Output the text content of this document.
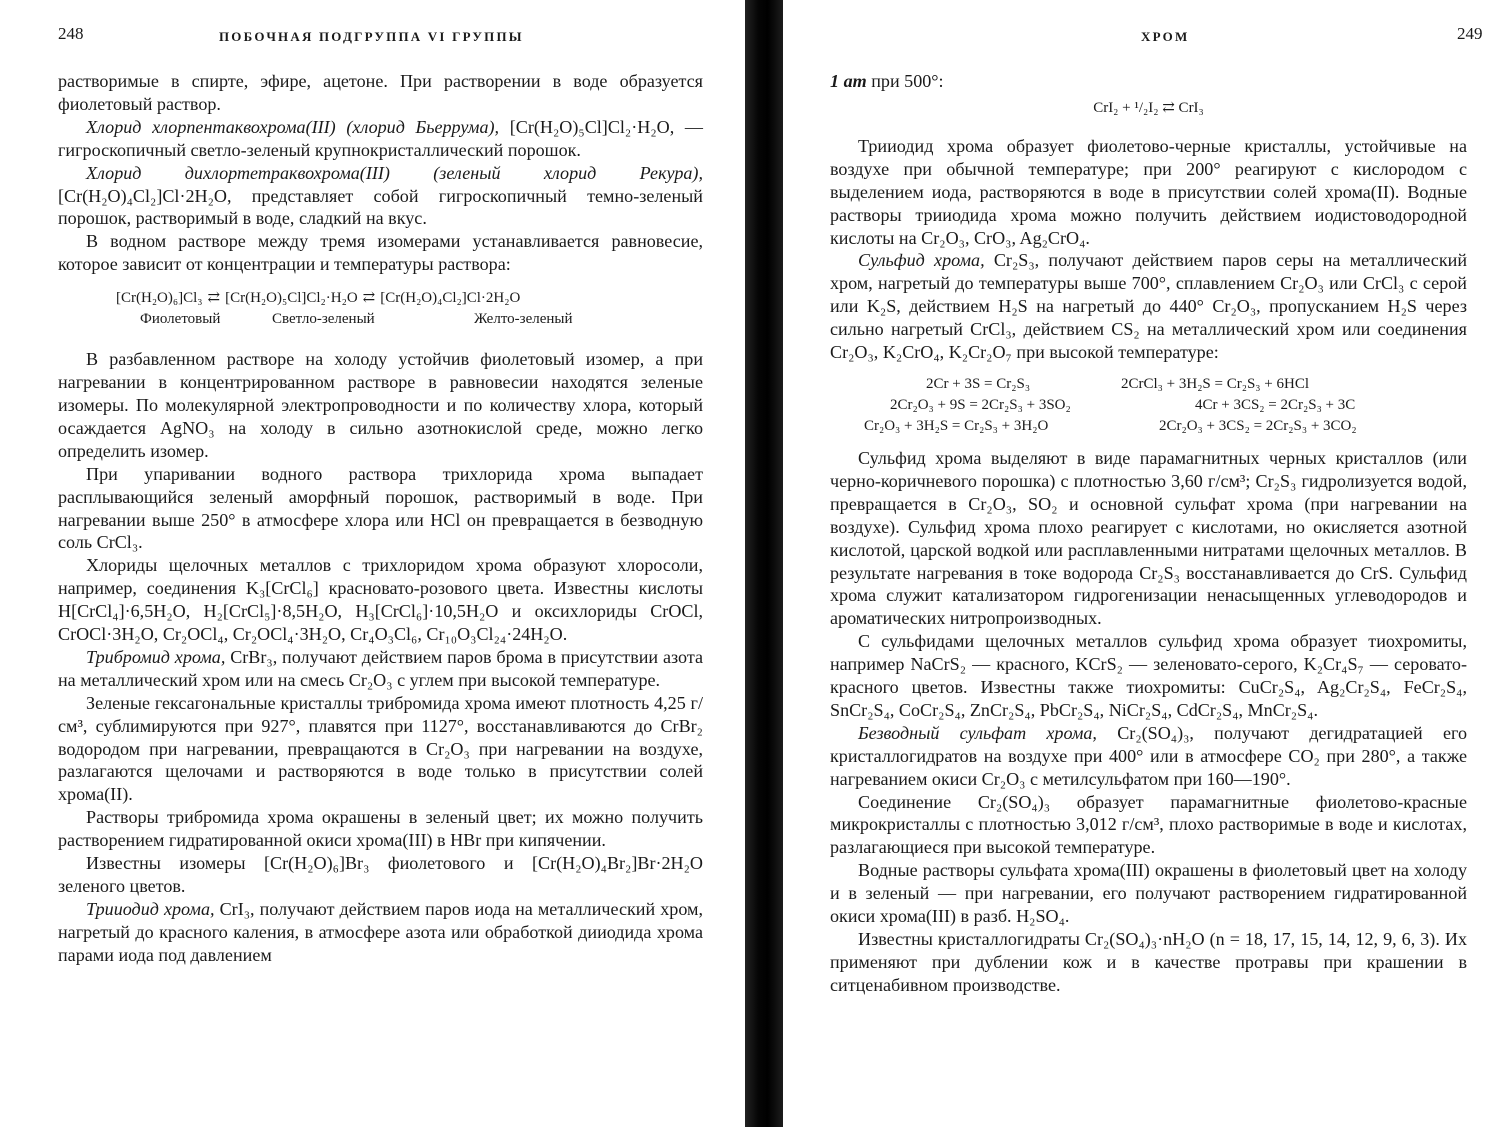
248	ПОБОЧНАЯ ПОДГРУППА VI ГРУППЫ

растворимые в спирте, эфире, ацетоне. При растворении в воде образуется фиолетовый раствор.

Хлорид хлорпентаквохрома(III) (хлорид Бьеррума), [Cr(H₂O)₅Cl]Cl₂·H₂O, — гигроскопичный светло-зеленый крупнокристаллический порошок.

Хлорид дихлортетраквохрома(III) (зеленый хлорид Рекура), [Cr(H₂O)₄Cl₂]Cl·2H₂O, представляет собой гигроскопичный темно-зеленый порошок, растворимый в воде, сладкий на вкус.

В водном растворе между тремя изомерами устанавливается равновесие, которое зависит от концентрации и температуры раствора:

[Cr(H₂O)₆]Cl₃ ⇄ [Cr(H₂O)₅Cl]Cl₂·H₂O ⇄ [Cr(H₂O)₄Cl₂]Cl·2H₂O
Фиолетовый	Светло-зеленый	Желто-зеленый

В разбавленном растворе на холоду устойчив фиолетовый изомер, а при нагревании в концентрированном растворе в равновесии находятся зеленые изомеры. По молекулярной электропроводности и по количеству хлора, который осаждается AgNO₃ на холоду в сильно азотнокислой среде, можно легко определить изомер.

При упаривании водного раствора трихлорида хрома выпадает расплывающийся зеленый аморфный порошок, растворимый в воде. При нагревании выше 250° в атмосфере хлора или HCl он превращается в безводную соль CrCl₃.

Хлориды щелочных металлов с трихлоридом хрома образуют хлоросоли, например, соединения K₃[CrCl₆] красновато-розового цвета. Известны кислоты H[CrCl₄]·6,5H₂O, H₂[CrCl₅]·8,5H₂O, H₃[CrCl₆]·10,5H₂O и оксихлориды CrOCl, CrOCl·3H₂O, Cr₂OCl₄, Cr₂OCl₄·3H₂O, Cr₄O₃Cl₆, Cr₁₀O₃Cl₂₄·24H₂O.

Трибромид хрома, CrBr₃, получают действием паров брома в присутствии азота на металлический хром или на смесь Cr₂O₃ с углем при высокой температуре.

Зеленые гексагональные кристаллы трибромида хрома имеют плотность 4,25 г/см³, сублимируются при 927°, плавятся при 1127°, восстанавливаются до CrBr₂ водородом при нагревании, превращаются в Cr₂O₃ при нагревании на воздухе, разлагаются щелочами и растворяются в воде только в присутствии солей хрома(II).

Растворы трибромида хрома окрашены в зеленый цвет; их можно получить растворением гидратированной окиси хрома(III) в HBr при кипячении.

Известны изомеры [Cr(H₂O)₆]Br₃ фиолетового и [Cr(H₂O)₄Br₂]Br·2H₂O зеленого цветов.

Трииодид хрома, CrI₃, получают действием паров иода на металлический хром, нагретый до красного каления, в атмосфере азота или обработкой дииодида хрома парами иода под давлением

ХРОМ	249

1 ат при 500°:

CrI₂ + ¹/₂I₂ ⇄ CrI₃

Трииодид хрома образует фиолетово-черные кристаллы, устойчивые на воздухе при обычной температуре; при 200° реагируют с кислородом с выделением иода, растворяются в воде в присутствии солей хрома(II). Водные растворы трииодида хрома можно получить действием иодистоводородной кислоты на Cr₂O₃, CrO₃, Ag₂CrO₄.

Сульфид хрома, Cr₂S₃, получают действием паров серы на металлический хром, нагретый до температуры выше 700°, сплавлением Cr₂O₃ или CrCl₃ с серой или K₂S, действием H₂S на нагретый до 440° Cr₂O₃, пропусканием H₂S через сильно нагретый CrCl₃, действием CS₂ на металлический хром или соединения Cr₂O₃, K₂CrO₄, K₂Cr₂O₇ при высокой температуре:

2Cr + 3S = Cr₂S₃	2CrCl₃ + 3H₂S = Cr₂S₃ + 6HCl
2Cr₂O₃ + 9S = 2Cr₂S₃ + 3SO₂	4Cr + 3CS₂ = 2Cr₂S₃ + 3C
Cr₂O₃ + 3H₂S = Cr₂S₃ + 3H₂O	2Cr₂O₃ + 3CS₂ = 2Cr₂S₃ + 3CO₂

Сульфид хрома выделяют в виде парамагнитных черных кристаллов (или черно-коричневого порошка) с плотностью 3,60 г/см³; Cr₂S₃ гидролизуется водой, превращается в Cr₂O₃, SO₂ и основной сульфат хрома (при нагревании на воздухе). Сульфид хрома плохо реагирует с кислотами, но окисляется азотной кислотой, царской водкой или расплавленными нитратами щелочных металлов. В результате нагревания в токе водорода Cr₂S₃ восстанавливается до CrS. Сульфид хрома служит катализатором гидрогенизации ненасыщенных углеводородов и ароматических нитропроизводных.

С сульфидами щелочных металлов сульфид хрома образует тиохромиты, например NaCrS₂ — красного, KCrS₂ — зеленовато-серого, K₂Cr₄S₇ — серовато-красного цветов. Известны также тиохромиты: CuCr₂S₄, Ag₂Cr₂S₄, FeCr₂S₄, SnCr₂S₄, CoCr₂S₄, ZnCr₂S₄, PbCr₂S₄, NiCr₂S₄, CdCr₂S₄, MnCr₂S₄.

Безводный сульфат хрома, Cr₂(SO₄)₃, получают дегидратацией его кристаллогидратов на воздухе при 400° или в атмосфере CO₂ при 280°, а также нагреванием окиси Cr₂O₃ с метилсульфатом при 160—190°.

Соединение Cr₂(SO₄)₃ образует парамагнитные фиолетово-красные микрокристаллы с плотностью 3,012 г/см³, плохо растворимые в воде и кислотах, разлагающиеся при высокой температуре.

Водные растворы сульфата хрома(III) окрашены в фиолетовый цвет на холоду и в зеленый — при нагревании, его получают растворением гидратированной окиси хрома(III) в разб. H₂SO₄.

Известны кристаллогидраты Cr₂(SO₄)₃·nH₂O (n = 18, 17, 15, 14, 12, 9, 6, 3). Их применяют при дублении кож и в качестве протравы при крашении в ситценабивном производстве.
